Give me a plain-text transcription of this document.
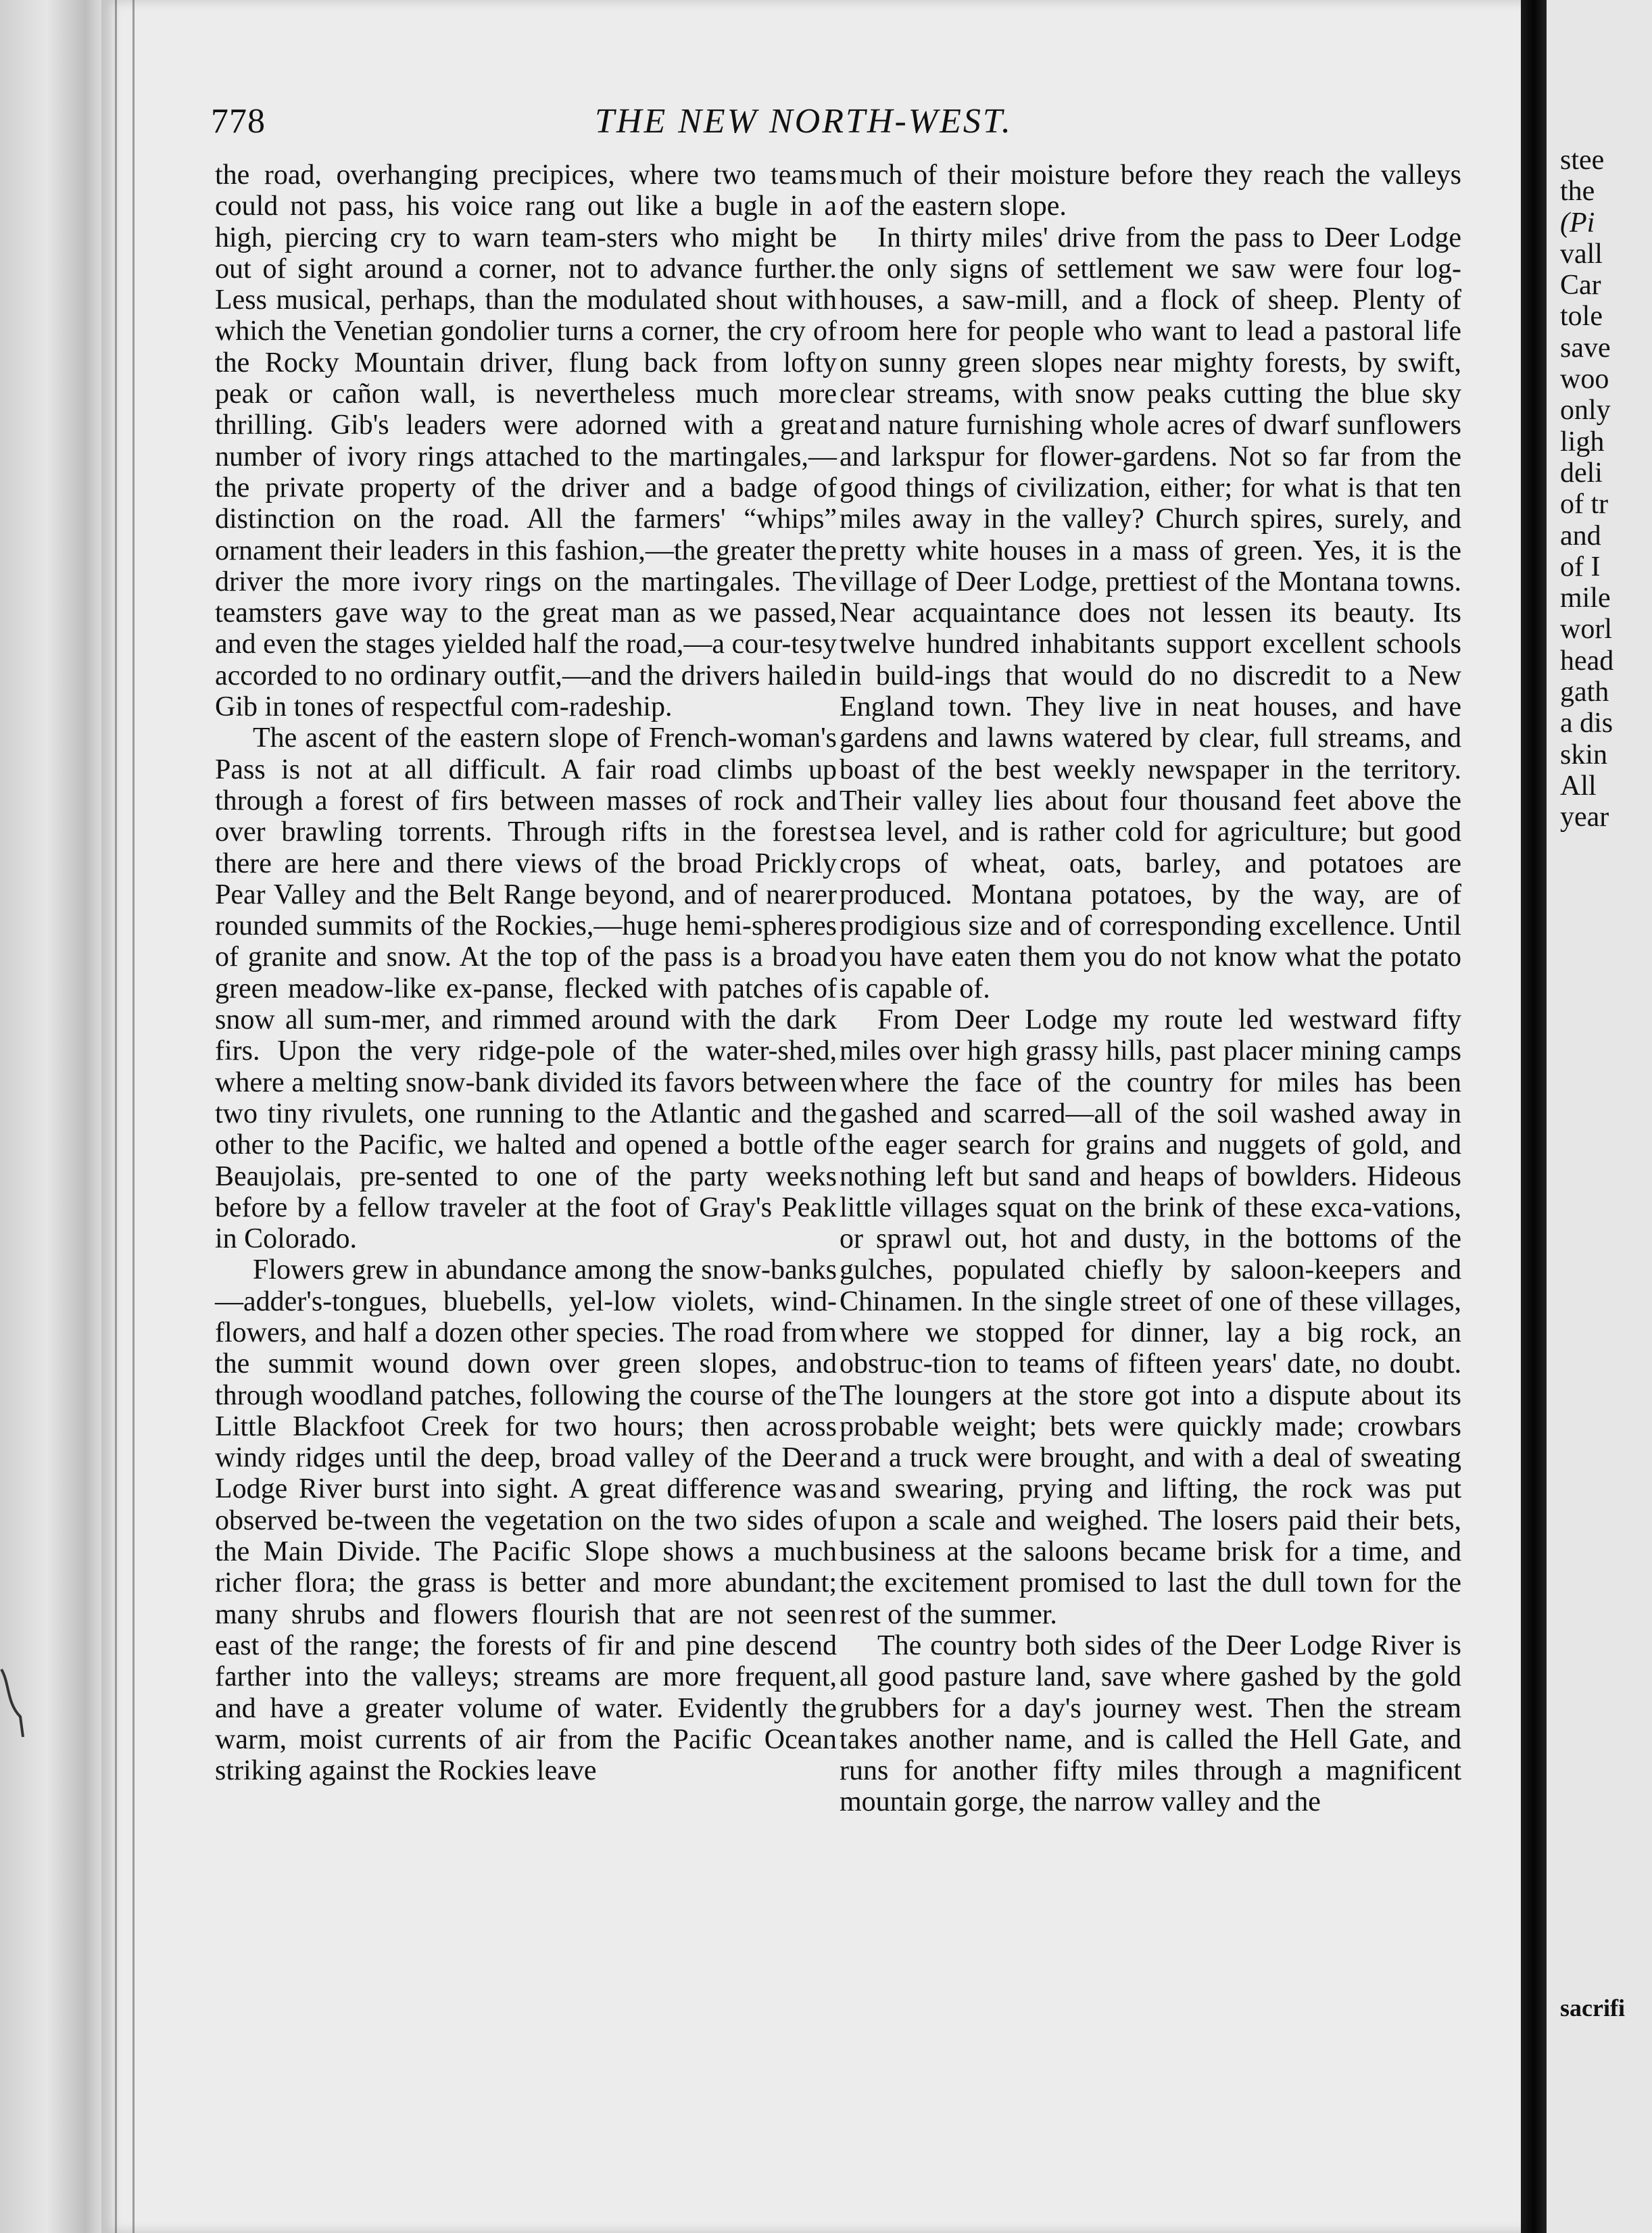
778	THE NEW NORTH-WEST.

the road, overhanging precipices, where two teams could not pass, his voice rang out like a bugle in a high, piercing cry to warn team-sters who might be out of sight around a corner, not to advance further. Less musical, perhaps, than the modulated shout with which the Venetian gondolier turns a corner, the cry of the Rocky Mountain driver, flung back from lofty peak or cañon wall, is nevertheless much more thrilling. Gib's leaders were adorned with a great number of ivory rings attached to the martingales,—the private property of the driver and a badge of distinction on the road. All the farmers' “whips” ornament their leaders in this fashion,—the greater the driver the more ivory rings on the martingales. The teamsters gave way to the great man as we passed, and even the stages yielded half the road,—a cour-tesy accorded to no ordinary outfit,—and the drivers hailed Gib in tones of respectful com-radeship.

The ascent of the eastern slope of French-woman's Pass is not at all difficult. A fair road climbs up through a forest of firs between masses of rock and over brawling torrents. Through rifts in the forest there are here and there views of the broad Prickly Pear Valley and the Belt Range beyond, and of nearer rounded summits of the Rockies,—huge hemi-spheres of granite and snow. At the top of the pass is a broad green meadow-like ex-panse, flecked with patches of snow all sum-mer, and rimmed around with the dark firs. Upon the very ridge-pole of the water-shed, where a melting snow-bank divided its favors between two tiny rivulets, one running to the Atlantic and the other to the Pacific, we halted and opened a bottle of Beaujolais, pre-sented to one of the party weeks before by a fellow traveler at the foot of Gray's Peak in Colorado.

Flowers grew in abundance among the snow-banks—adder's-tongues, bluebells, yel-low violets, wind-flowers, and half a dozen other species. The road from the summit wound down over green slopes, and through woodland patches, following the course of the Little Blackfoot Creek for two hours; then across windy ridges until the deep, broad valley of the Deer Lodge River burst into sight. A great difference was observed be-tween the vegetation on the two sides of the Main Divide. The Pacific Slope shows a much richer flora; the grass is better and more abundant; many shrubs and flowers flourish that are not seen east of the range; the forests of fir and pine descend farther into the valleys; streams are more frequent, and have a greater volume of water. Evidently the warm, moist currents of air from the Pacific Ocean striking against the Rockies leave

much of their moisture before they reach the valleys of the eastern slope.

In thirty miles' drive from the pass to Deer Lodge the only signs of settlement we saw were four log-houses, a saw-mill, and a flock of sheep. Plenty of room here for people who want to lead a pastoral life on sunny green slopes near mighty forests, by swift, clear streams, with snow peaks cutting the blue sky and nature furnishing whole acres of dwarf sunflowers and larkspur for flower-gardens. Not so far from the good things of civilization, either; for what is that ten miles away in the valley? Church spires, surely, and pretty white houses in a mass of green. Yes, it is the village of Deer Lodge, prettiest of the Montana towns. Near acquaintance does not lessen its beauty. Its twelve hundred inhabitants support excellent schools in build-ings that would do no discredit to a New England town. They live in neat houses, and have gardens and lawns watered by clear, full streams, and boast of the best weekly newspaper in the territory. Their valley lies about four thousand feet above the sea level, and is rather cold for agriculture; but good crops of wheat, oats, barley, and potatoes are produced. Montana potatoes, by the way, are of prodigious size and of corresponding excellence. Until you have eaten them you do not know what the potato is capable of.

From Deer Lodge my route led westward fifty miles over high grassy hills, past placer mining camps where the face of the country for miles has been gashed and scarred—all of the soil washed away in the eager search for grains and nuggets of gold, and nothing left but sand and heaps of bowlders. Hideous little villages squat on the brink of these exca-vations, or sprawl out, hot and dusty, in the bottoms of the gulches, populated chiefly by saloon-keepers and Chinamen. In the single street of one of these villages, where we stopped for dinner, lay a big rock, an obstruc-tion to teams of fifteen years' date, no doubt. The loungers at the store got into a dispute about its probable weight; bets were quickly made; crowbars and a truck were brought, and with a deal of sweating and swearing, prying and lifting, the rock was put upon a scale and weighed. The losers paid their bets, business at the saloons became brisk for a time, and the excitement promised to last the dull town for the rest of the summer.

The country both sides of the Deer Lodge River is all good pasture land, save where gashed by the gold grubbers for a day's journey west. Then the stream takes another name, and is called the Hell Gate, and runs for another fifty miles through a magnificent mountain gorge, the narrow valley and the

stee
the
(Pi
vall
Car
tole
save
woo
only
ligh
deli
of tr
and
of I
mile
worl
head
gath
a dis
skin
All
year
sacrifi
